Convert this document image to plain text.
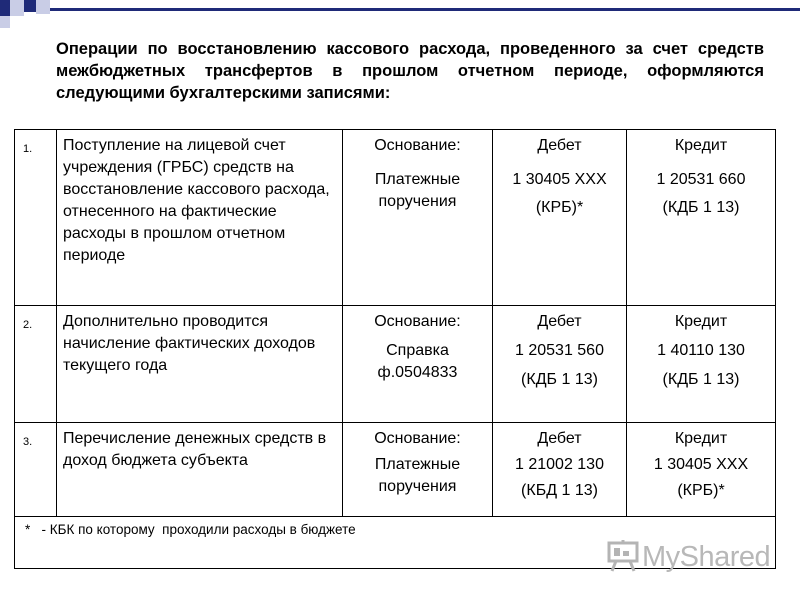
Операции по восстановлению кассового расхода, проведенного за счет средств межбюджетных трансфертов в прошлом отчетном периоде, оформляются следующими бухгалтерскими записями:
1.	Поступление на лицевой счет учреждения (ГРБС) средств на восстановление кассового расхода, отнесенного на фактические расходы в прошлом отчетном периоде	Основание:
Платежные поручения	Дебет
1 30405 ХХХ
(КРБ)*	Кредит
1 20531 660
(КДБ 1 13)

2.	Дополнительно проводится начисление фактических доходов текущего года	Основание:
Справка ф.0504833	Дебет
1 20531 560
(КДБ 1 13)	Кредит
1 40110 130
(КДБ 1 13)

3.	Перечисление денежных средств в доход бюджета субъекта	Основание:
Платежные поручения	Дебет
1 21002 130
(КБД 1 13)	Кредит
1 30405 ХХХ
(КРБ)*

*   - КБК по которому  проходили расходы в бюджете				
MyShared
